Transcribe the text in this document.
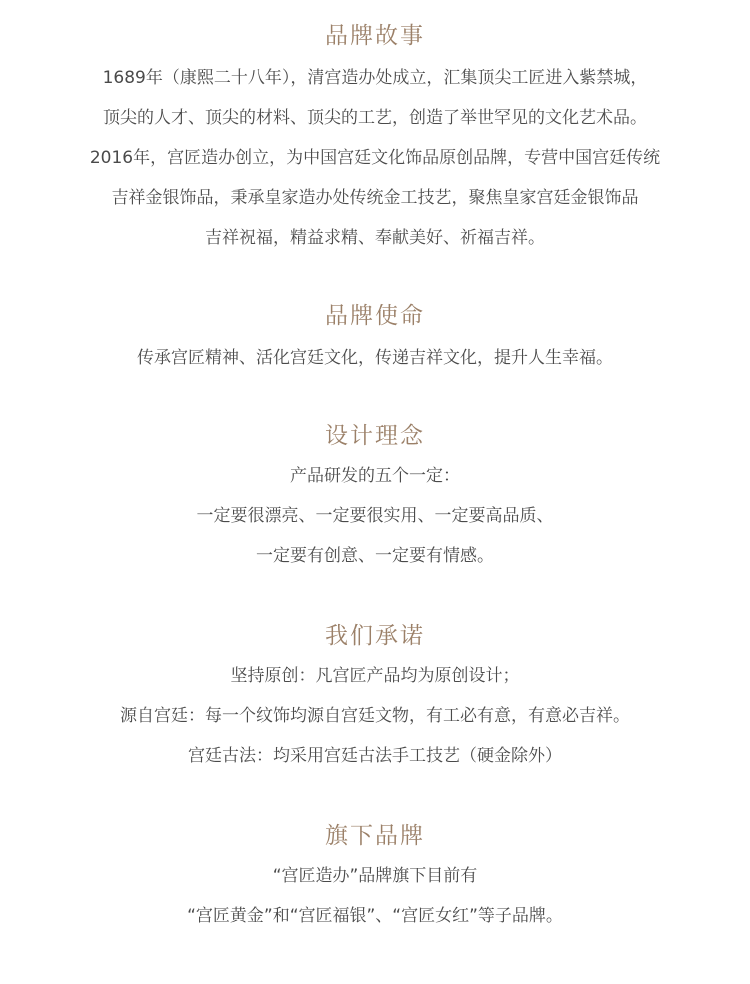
品牌故事

1689年（康熙二十八年），清宫造办处成立，汇集顶尖工匠进入紫禁城，

顶尖的人才、顶尖的材料、顶尖的工艺，创造了举世罕见的文化艺术品。

2016年，宫匠造办创立，为中国宫廷文化饰品原创品牌，专营中国宫廷传统

吉祥金银饰品，秉承皇家造办处传统金工技艺，聚焦皇家宫廷金银饰品

吉祥祝福，精益求精、奉献美好、祈福吉祥。

品牌使命

传承宫匠精神、活化宫廷文化，传递吉祥文化，提升人生幸福。

设计理念

产品研发的五个一定：

一定要很漂亮、一定要很实用、一定要高品质、

一定要有创意、一定要有情感。

我们承诺

坚持原创：凡宫匠产品均为原创设计；

源自宫廷：每一个纹饰均源自宫廷文物，有工必有意，有意必吉祥。

宫廷古法：均采用宫廷古法手工技艺（硬金除外）

旗下品牌

“宫匠造办”品牌旗下目前有

“宫匠黄金”和“宫匠福银”、“宫匠女红”等子品牌。
